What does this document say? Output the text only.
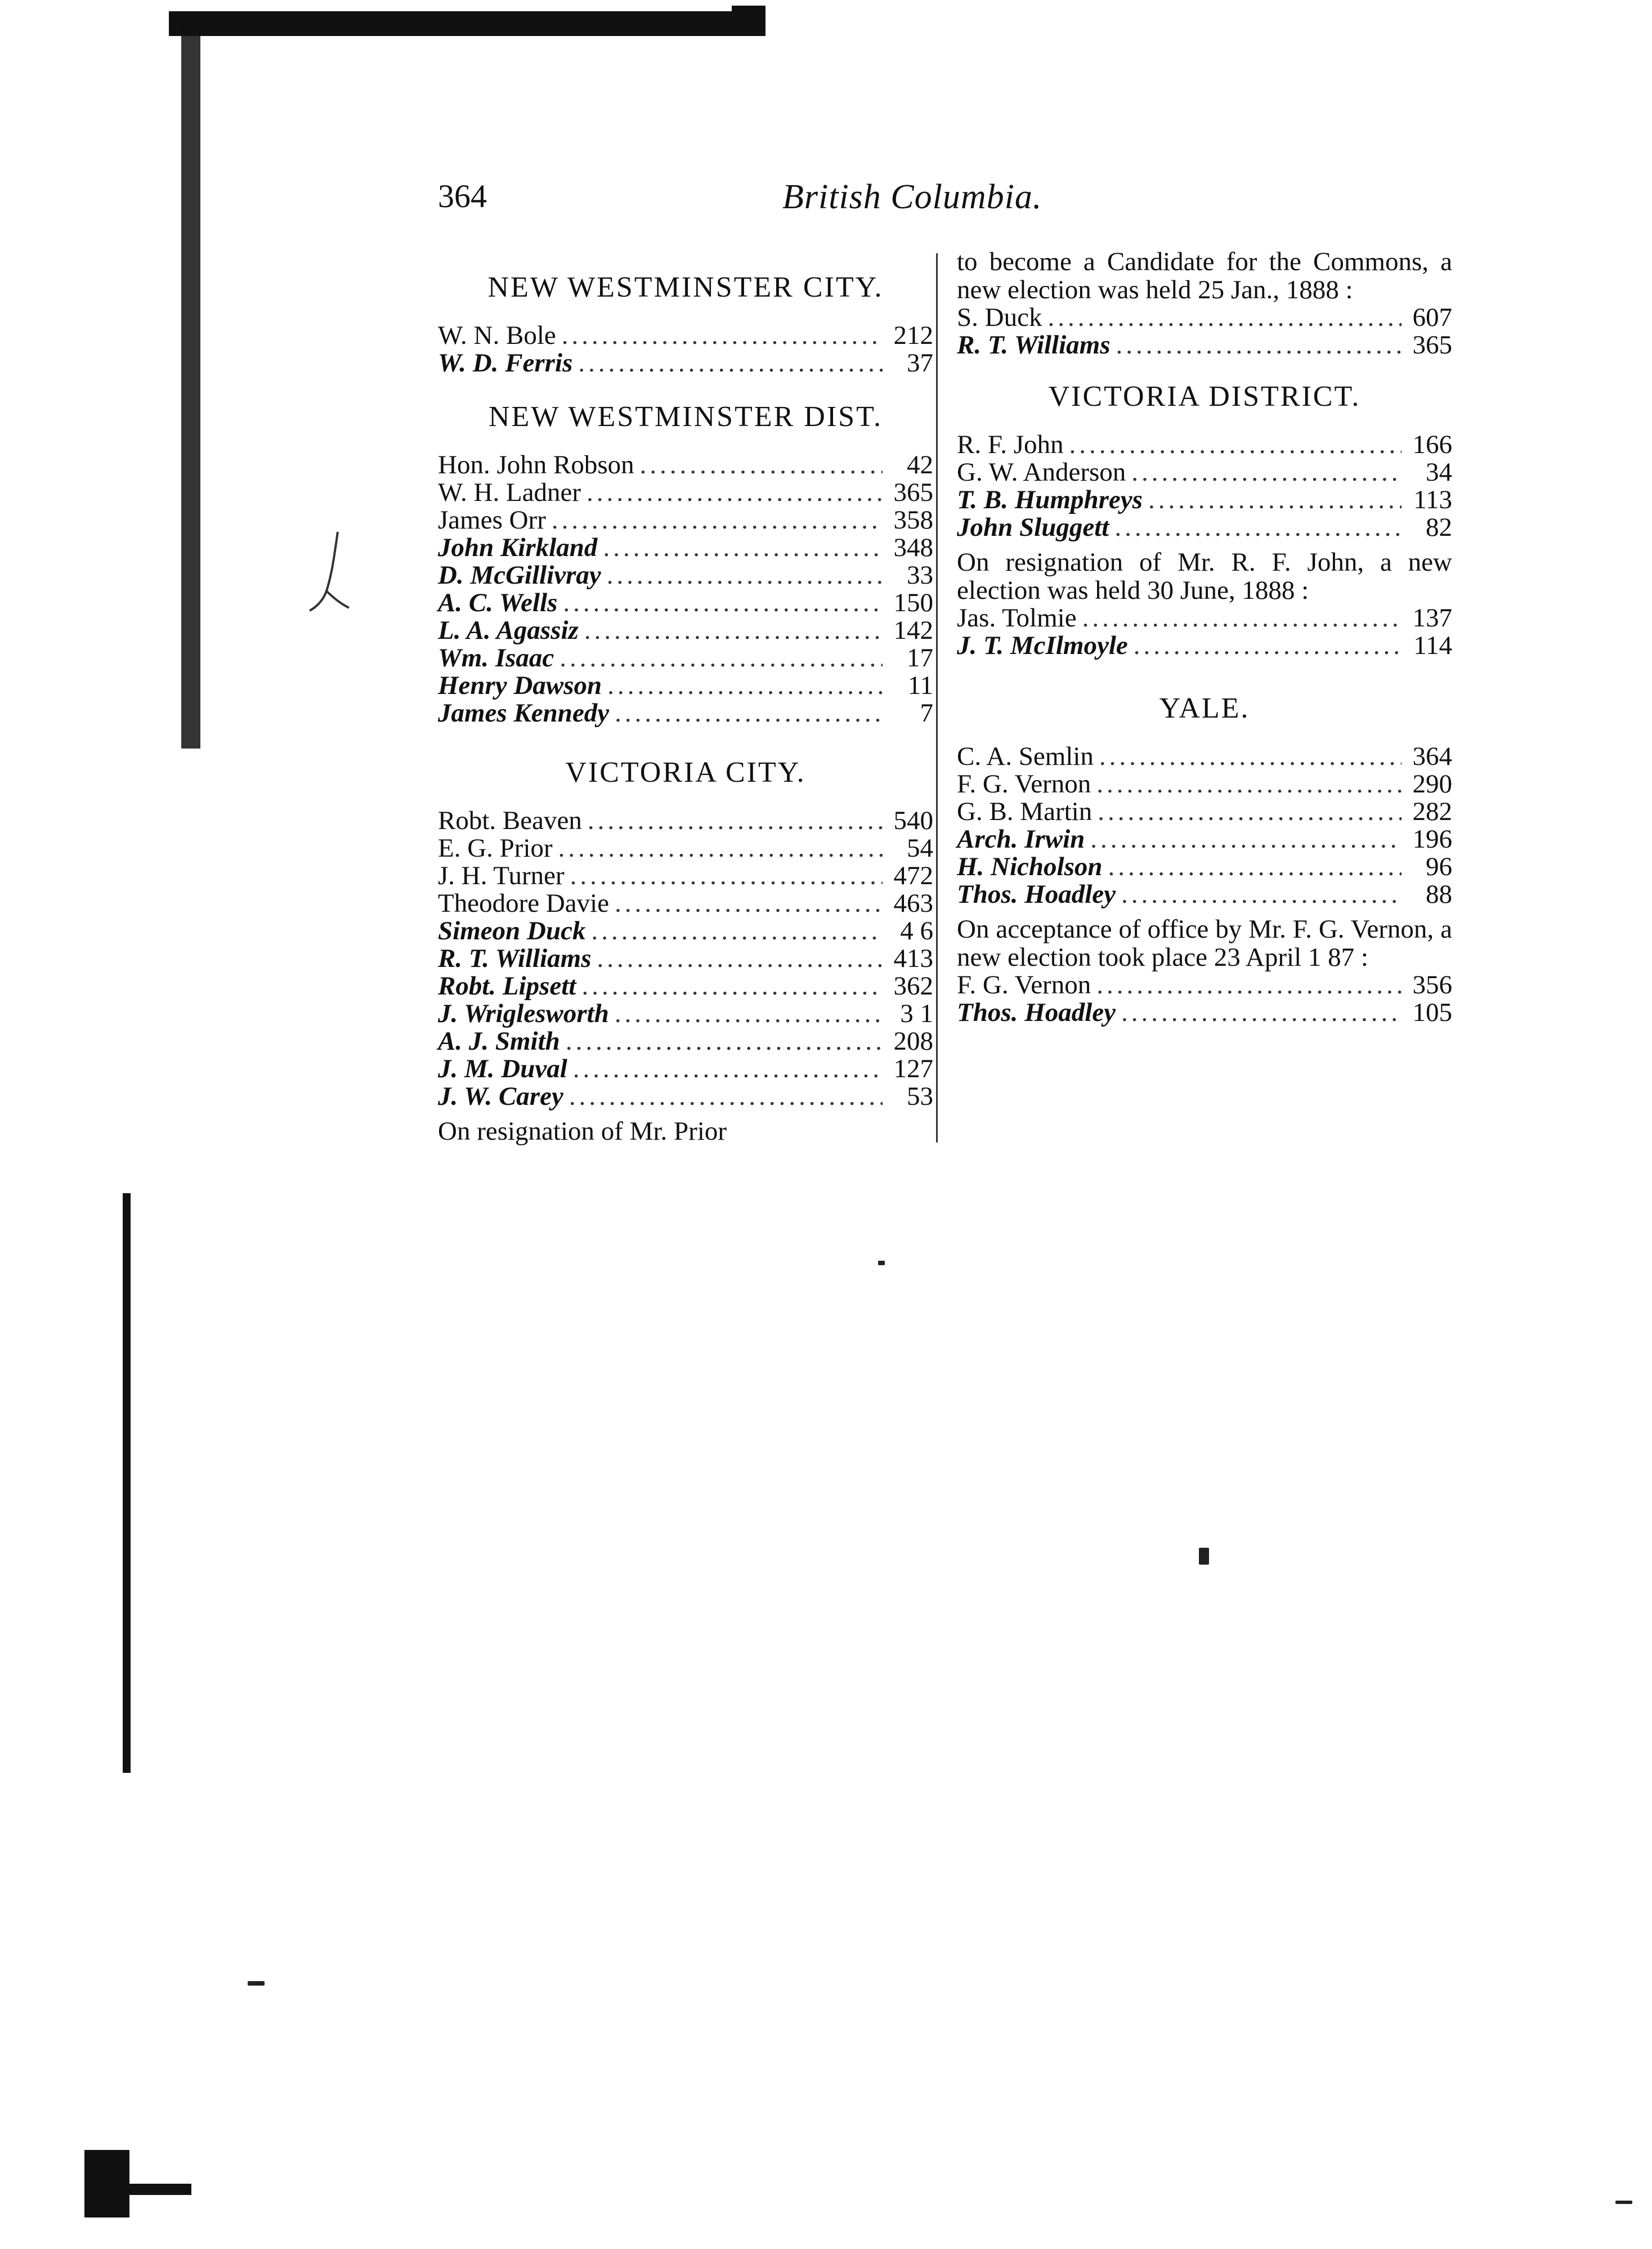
364	British Columbia.
NEW WESTMINSTER CITY.
W. N. Bole .....	212
W. D. Ferris .....	37
NEW WESTMINSTER DIST.
Hon. John Robson .....	42
W. H. Ladner .....	365
James Orr .....	358
John Kirkland .....	348
D. McGillivray .....	33
A. C. Wells .....	150
L. A. Agassiz .....	142
Wm. Isaac .....	17
Henry Dawson .....	11
James Kennedy .....	7
VICTORIA CITY.
Robt. Beaven .....	540
E. G. Prior .....	54
J. H. Turner .....	472
Theodore Davie .....	463
Simeon Duck .....	4 6
R. T. Williams .....	413
Robt. Lipsett .....	362
J. Wriglesworth .....	3 1
A. J. Smith .....	208
J. M. Duval .....	127
J. W. Carey .....	53
On resignation of Mr. Prior
to become a Candidate for the Commons, a new election was held 25 Jan., 1888 :
S. Duck .....	607
R. T. Williams .....	365
VICTORIA DISTRICT.
R. F. John .....	166
G. W. Anderson .....	34
T. B. Humphreys .....	113
John Sluggett .....	82
On resignation of Mr. R. F. John, a new election was held 30 June, 1888 :
Jas. Tolmie .....	137
J. T. McIlmoyle .....	114
YALE.
C. A. Semlin .....	364
F. G. Vernon .....	290
G. B. Martin .....	282
Arch. Irwin .....	196
H. Nicholson .....	96
Thos. Hoadley .....	88
On acceptance of office by Mr. F. G. Vernon, a new election took place 23 April 1 87 :
F. G. Vernon .....	356
Thos. Hoadley .....	105
